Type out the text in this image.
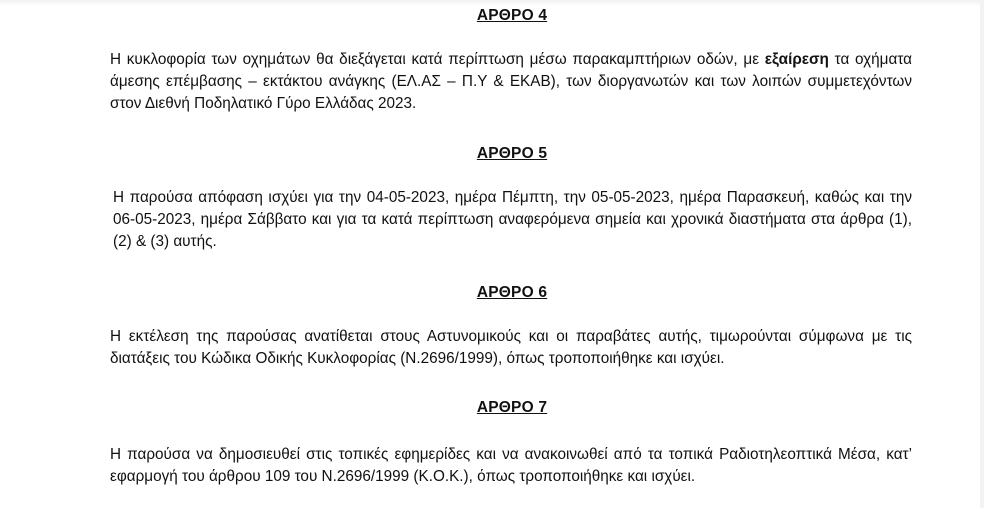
ΑΡΘΡΟ 4
Η κυκλοφορία των οχημάτων θα διεξάγεται κατά περίπτωση μέσω παρακαμπτήριων οδών, με εξαίρεση τα οχήματα άμεσης επέμβασης – εκτάκτου ανάγκης (ΕΛ.ΑΣ – Π.Υ & ΕΚΑΒ), των διοργανωτών και των λοιπών συμμετεχόντων στον Διεθνή Ποδηλατικό Γύρο Ελλάδας 2023.
ΑΡΘΡΟ 5
Η παρούσα απόφαση ισχύει για την 04-05-2023, ημέρα Πέμπτη, την 05-05-2023, ημέρα Παρασκευή, καθώς και την 06-05-2023, ημέρα Σάββατο και για τα κατά περίπτωση αναφερόμενα σημεία και χρονικά διαστήματα στα άρθρα (1), (2) & (3) αυτής.
ΑΡΘΡΟ 6
Η εκτέλεση της παρούσας ανατίθεται στους Αστυνομικούς και οι παραβάτες αυτής, τιμωρούνται σύμφωνα με τις διατάξεις του Κώδικα Οδικής Κυκλοφορίας (Ν.2696/1999), όπως τροποποιήθηκε και ισχύει.
ΑΡΘΡΟ 7
Η παρούσα να δημοσιευθεί στις τοπικές εφημερίδες και να ανακοινωθεί από τα τοπικά Ραδιοτηλεοπτικά Μέσα, κατ’ εφαρμογή του άρθρου 109 του Ν.2696/1999 (Κ.Ο.Κ.), όπως τροποποιήθηκε και ισχύει.
